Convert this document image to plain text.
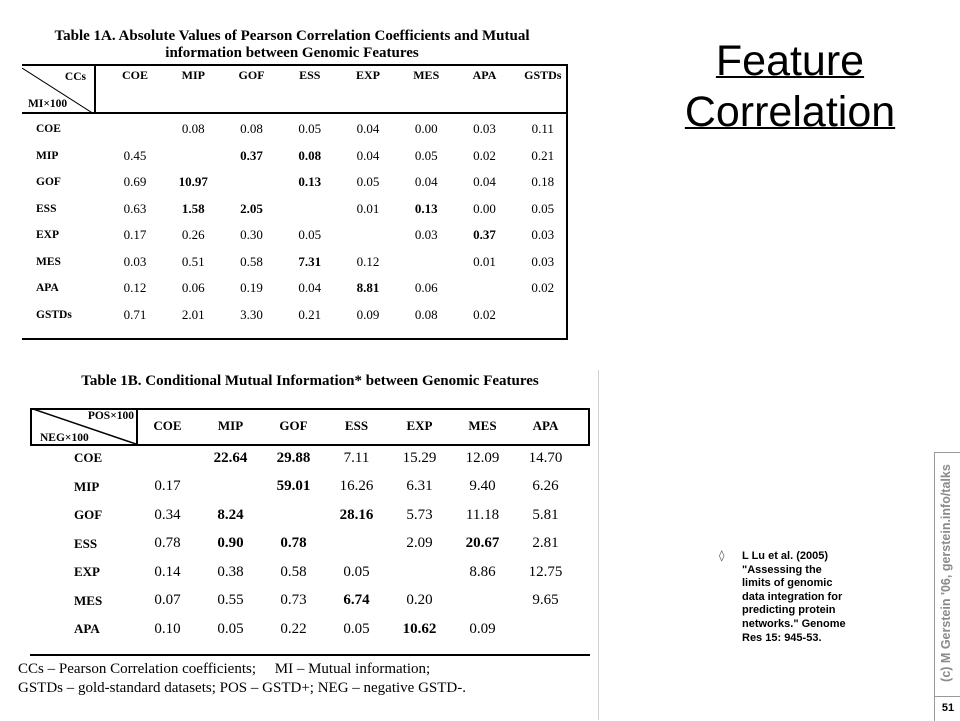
Table 1A. Absolute Values of Pearson Correlation Coefficients and Mutual information between Genomic Features
CCs
MI×100	COE	MIP	GOF	ESS	EXP	MES	APA	GSTDs
COE		0.08	0.08	0.05	0.04	0.00	0.03	0.11
MIP	0.45		0.37	0.08	0.04	0.05	0.02	0.21
GOF	0.69	10.97		0.13	0.05	0.04	0.04	0.18
ESS	0.63	1.58	2.05		0.01	0.13	0.00	0.05
EXP	0.17	0.26	0.30	0.05		0.03	0.37	0.03
MES	0.03	0.51	0.58	7.31	0.12		0.01	0.03
APA	0.12	0.06	0.19	0.04	8.81	0.06		0.02
GSTDs	0.71	2.01	3.30	0.21	0.09	0.08	0.02	
Table 1B. Conditional Mutual Information* between Genomic Features
POS×100
NEG×100	COE	MIP	GOF	ESS	EXP	MES	APA
COE		22.64	29.88	7.11	15.29	12.09	14.70
MIP	0.17		59.01	16.26	6.31	9.40	6.26
GOF	0.34	8.24		28.16	5.73	11.18	5.81
ESS	0.78	0.90	0.78		2.09	20.67	2.81
EXP	0.14	0.38	0.58	0.05		8.86	12.75
MES	0.07	0.55	0.73	6.74	0.20		9.65
APA	0.10	0.05	0.22	0.05	10.62	0.09	
CCs – Pearson Correlation coefficients;     MI – Mutual information;
GSTDs – gold-standard datasets; POS – GSTD+; NEG – negative GSTD-.
Feature Correlation
◊ L Lu et al. (2005) "Assessing the limits of genomic data integration for predicting protein networks." Genome Res 15: 945-53.	(c) M Gerstein '06, gerstein.info/talks
51
